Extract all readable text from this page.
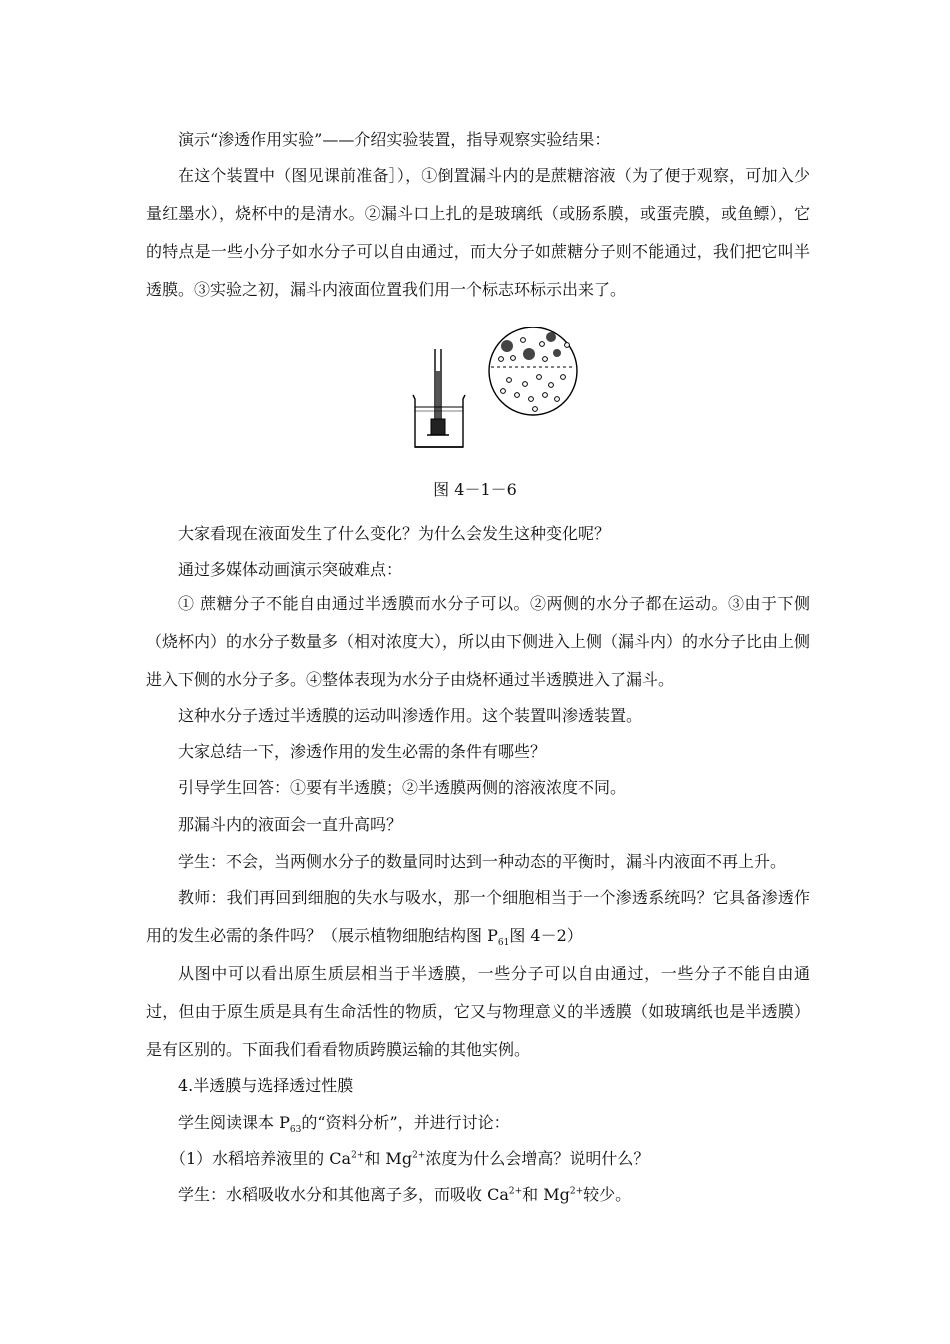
演示“渗透作用实验”——介绍实验装置，指导观察实验结果：

在这个装置中（图见课前准备］），①倒置漏斗内的是蔗糖溶液（为了便于观察，可加入少量红墨水），烧杯中的是清水。②漏斗口上扎的是玻璃纸（或肠系膜，或蛋壳膜，或鱼鳔），它的特点是一些小分子如水分子可以自由通过，而大分子如蔗糖分子则不能通过，我们把它叫半透膜。③实验之初，漏斗内液面位置我们用一个标志环标示出来了。

图 4－1－6

大家看现在液面发生了什么变化？为什么会发生这种变化呢？

通过多媒体动画演示突破难点：

① 蔗糖分子不能自由通过半透膜而水分子可以。②两侧的水分子都在运动。③由于下侧（烧杯内）的水分子数量多（相对浓度大），所以由下侧进入上侧（漏斗内）的水分子比由上侧进入下侧的水分子多。④整体表现为水分子由烧杯通过半透膜进入了漏斗。

这种水分子透过半透膜的运动叫渗透作用。这个装置叫渗透装置。

大家总结一下，渗透作用的发生必需的条件有哪些？

引导学生回答：①要有半透膜；②半透膜两侧的溶液浓度不同。

那漏斗内的液面会一直升高吗？

学生：不会，当两侧水分子的数量同时达到一种动态的平衡时，漏斗内液面不再上升。

教师：我们再回到细胞的失水与吸水，那一个细胞相当于一个渗透系统吗？它具备渗透作用的发生必需的条件吗？（展示植物细胞结构图 $P_{61}$图 4－2）

从图中可以看出原生质层相当于半透膜，一些分子可以自由通过，一些分子不能自由通过，但由于原生质是具有生命活性的物质，它又与物理意义的半透膜（如玻璃纸也是半透膜）是有区别的。下面我们看看物质跨膜运输的其他实例。

4.半透膜与选择透过性膜

学生阅读课本 $P_{63}$的“资料分析”，并进行讨论：

（1）水稻培养液里的 $Ca^{2+}$和 $Mg^{2+}$浓度为什么会增高？说明什么？

学生：水稻吸收水分和其他离子多，而吸收 $Ca^{2+}$和 $Mg^{2+}$较少。
